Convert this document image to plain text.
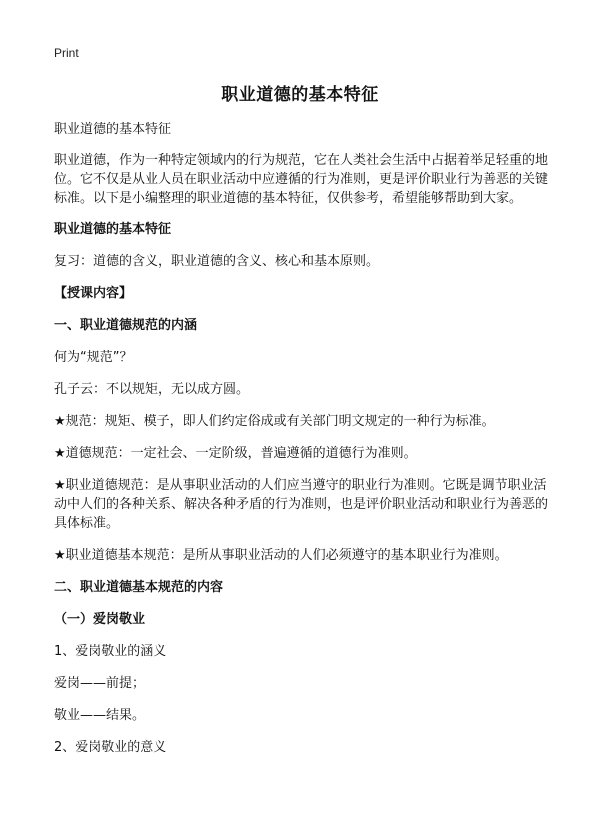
Print
职业道德的基本特征

职业道德的基本特征

职业道德，作为一种特定领域内的行为规范，它在人类社会生活中占据着举足轻重的地位。它不仅是从业人员在职业活动中应遵循的行为准则，更是评价职业行为善恶的关键标准。以下是小编整理的职业道德的基本特征，仅供参考，希望能够帮助到大家。

职业道德的基本特征

复习：道德的含义，职业道德的含义、核心和基本原则。

【授课内容】

一、职业道德规范的内涵

何为“规范”？

孔子云：不以规矩，无以成方圆。

★规范：规矩、模子，即人们约定俗成或有关部门明文规定的一种行为标准。

★道德规范：一定社会、一定阶级，普遍遵循的道德行为准则。

★职业道德规范：是从事职业活动的人们应当遵守的职业行为准则。它既是调节职业活动中人们的各种关系、解决各种矛盾的行为准则，也是评价职业活动和职业行为善恶的具体标准。

★职业道德基本规范：是所从事职业活动的人们必须遵守的基本职业行为准则。

二、职业道德基本规范的内容

（一）爱岗敬业

1、爱岗敬业的涵义

爱岗——前提；

敬业——结果。

2、爱岗敬业的意义
